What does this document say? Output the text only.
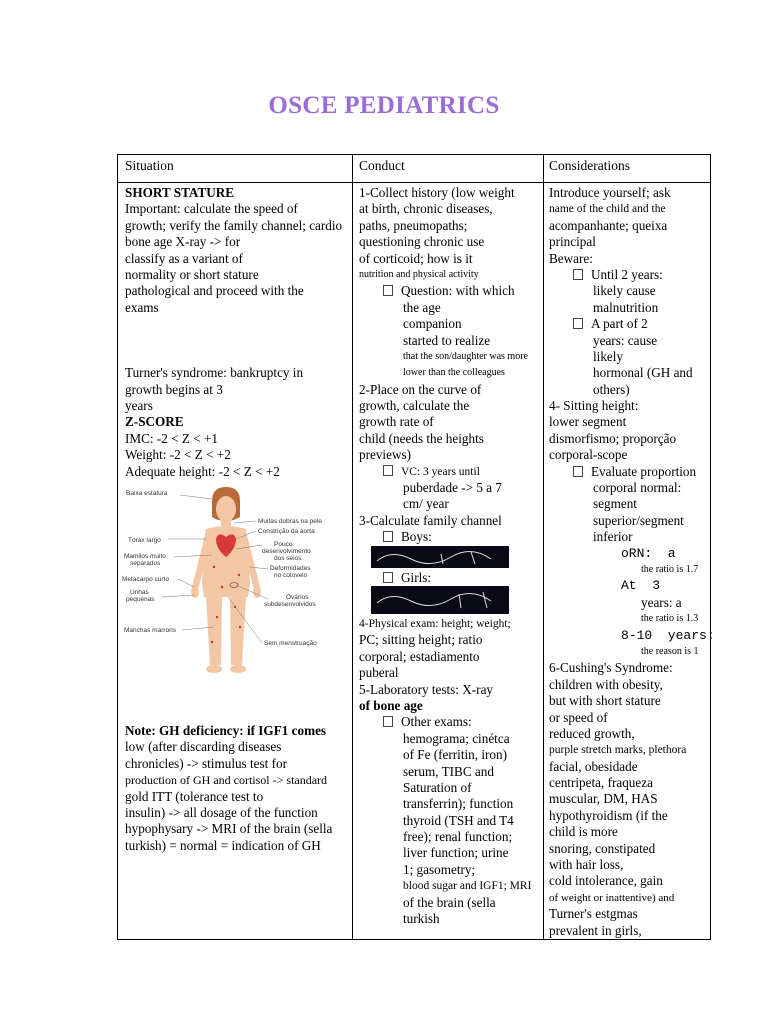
OSCE PEDIATRICS
Situation	Conduct	Considerations
SHORT STATURE
Important: calculate the speed of
growth; verify the family channel; cardio
bone age X-ray -> for
classify as a variant of
normality or short stature
pathological and proceed with the
exams
Turner's syndrome: bankruptcy in
growth begins at 3
years
Z-SCORE
IMC: -2 < Z < +1
Weight: -2 < Z < +2
Adequate height: -2 < Z < +2
Baixa estatura
Tórax largo
Mamilos muito separados
Metacarpo curto
Unhas pequenas
Manchas marrons
Muitas dobras na pele
Constrição da aorta
Pouco desenvolvimento dos seios
Deformidades no cotovelo
Ovários subdesenvolvidos
Sem menstruação
Note: GH deficiency: if IGF1 comes
low (after discarding diseases
chronicles) -> stimulus test for
production of GH and cortisol -> standard
gold ITT (tolerance test to
insulin) -> all dosage of the function
hypophysary -> MRI of the brain (sella
turkish) = normal = indication of GH
1-Collect history (low weight
at birth, chronic diseases,
paths, pneumopaths;
questioning chronic use
of corticoid; how is it
nutrition and physical activity
Question: with which
the age
companion
started to realize
that the son/daughter was more
lower than the colleagues
2-Place on the curve of
growth, calculate the
growth rate of
child (needs the heights
previews)
VC: 3 years until
puberdade -> 5 a 7
cm/ year
3-Calculate family channel
Boys:
Girls:
4-Physical exam: height; weight;
PC; sitting height; ratio
corporal; estadiamento
puberal
5-Laboratory tests: X-ray
of bone age
Other exams:
hemograma; cinétca
of Fe (ferritin, iron)
serum, TIBC and
Saturation of
transferrin); function
thyroid (TSH and T4
free); renal function;
liver function; urine
1; gasometry;
blood sugar and IGF1; MRI
of the brain (sella
turkish
Introduce yourself; ask
name of the child and the
acompanhante; queixa
principal
Beware:
Until 2 years:
likely cause
malnutrition
A part of 2
years: cause
likely
hormonal (GH and
others)
4- Sitting height:
lower segment
dismorfismo; proporção
corporal-scope
Evaluate proportion
corporal normal:
segment
superior/segment
inferior
oRN:  a
the ratio is 1.7
At  3
years: a
the ratio is 1.3
8-10  years:
the reason is 1
6-Cushing's Syndrome:
children with obesity,
but with short stature
or speed of
reduced growth,
purple stretch marks, plethora
facial, obesidade
centripeta, fraqueza
muscular, DM, HAS
hypothyroidism (if the
child is more
snoring, constipated
with hair loss,
cold intolerance, gain
of weight or inattentive) and
Turner's estgmas
prevalent in girls,
